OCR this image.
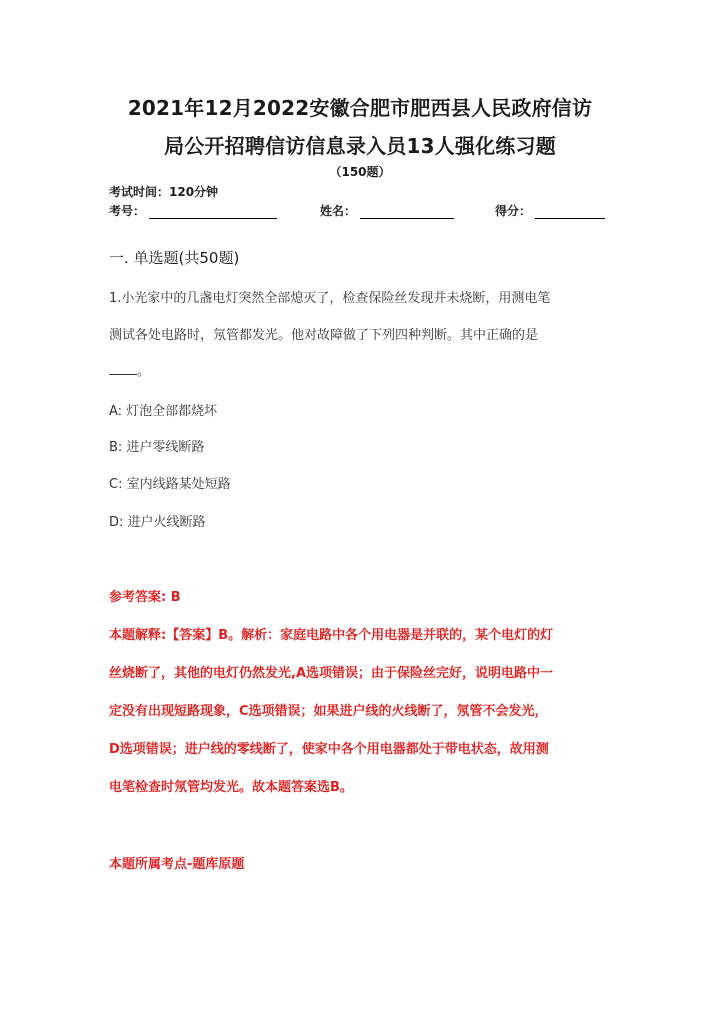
2021年12月2022安徽合肥市肥西县人民政府信访
局公开招聘信访信息录入员13人强化练习题
（150题）
考试时间：120分钟
考号：	姓名：	得分：
一. 单选题(共50题)
1.小光家中的几盏电灯突然全部熄灭了，检查保险丝发现并未烧断，用测电笔
测试各处电路时，氖管都发光。他对故障做了下列四种判断。其中正确的是
。
A: 灯泡全部都烧坏
B: 进户零线断路
C: 室内线路某处短路
D: 进户火线断路
参考答案: B
本题解释:【答案】B。解析：家庭电路中各个用电器是并联的，某个电灯的灯
丝烧断了，其他的电灯仍然发光,A选项错误；由于保险丝完好，说明电路中一
定没有出现短路现象，C选项错误；如果进户线的火线断了，氖管不会发光，
D选项错误；进户线的零线断了，使家中各个用电器都处于带电状态，故用测
电笔检查时氖管均发光。故本题答案选B。
本题所属考点-题库原题
